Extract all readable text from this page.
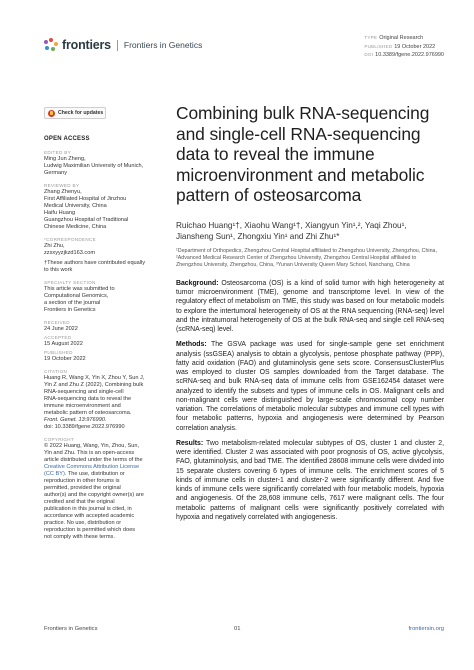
frontiers Frontiers in Genetics
TYPE Original Research
PUBLISHED 19 October 2022
DOI 10.3389/fgene.2022.976990
Check for updates
OPEN ACCESS
EDITED BY
Ming Jun Zheng,
Ludwig Maximilian University of Munich,
Germany
REVIEWED BY
Zhang Zhenyu,
First Affiliated Hospital of Jinzhou
Medical University, China
Haifu Huang
Guangzhou Hospital of Traditional
Chinese Medicine, China
*CORRESPONDENCE
Zhi Zhu,
zzsxyyzjkzd163.com
†These authors have contributed equally
to this work
SPECIALTY SECTION
This article was submitted to
Computational Genomics,
a section of the journal
Frontiers in Genetics
RECEIVED
24 June 2022
ACCEPTED
15 August 2022
PUBLISHED
19 October 2022
CITATION
Huang R, Wang X, Yin X, Zhou Y, Sun J,
Yin Z and Zhu Z (2022), Combining bulk
RNA-sequencing and single-cell
RNA-sequencing data to reveal the
immune microenvironment and
metabolic pattern of osteosarcoma.
Front. Genet. 13:976990.
doi: 10.3389/fgene.2022.976990
COPYRIGHT
© 2022 Huang, Wang, Yin, Zhou, Sun,
Yin and Zhu. This is an open-access
article distributed under the terms of the
Creative Commons Attribution License
(CC BY). The use, distribution or
reproduction in other forums is
permitted, provided the original
author(s) and the copyright owner(s) are
credited and that the original
publication in this journal is cited, in
accordance with accepted academic
practice. No use, distribution or
reproduction is permitted which does
not comply with these terms.
Combining bulk RNA-sequencing and single-cell RNA-sequencing data to reveal the immune microenvironment and metabolic pattern of osteosarcoma
Ruichao Huang¹†, Xiaohu Wang¹†, Xiangyun Yin¹,², Yaqi Zhou¹, Jiansheng Sun¹, Zhongxiu Yin¹ and Zhi Zhu¹*
¹Department of Orthopedics, Zhengzhou Central Hospital affiliated to Zhengzhou University, Zhengzhou, China, ²Advanced Medical Research Center of Zhengzhou University, Zhengzhou Central Hospital affiliated to Zhengzhou University, Zhengzhou, China, ³Yunan University Queen Mary School, Nanchang, China

Background: Osteosarcoma (OS) is a kind of solid tumor with high heterogeneity at tumor microenvironment (TME), genome and transcriptome level. In view of the regulatory effect of metabolism on TME, this study was based on four metabolic models to explore the intertumoral heterogeneity of OS at the RNA sequencing (RNA-seq) level and the intratumoral heterogeneity of OS at the bulk RNA-seq and single cell RNA-seq (scRNA-seq) level.

Methods: The GSVA package was used for single-sample gene set enrichment analysis (ssGSEA) analysis to obtain a glycolysis, pentose phosphate pathway (PPP), fatty acid oxidation (FAO) and glutaminolysis gene sets score. ConsensusClusterPlus was employed to cluster OS samples downloaded from the Target database. The scRNA-seq and bulk RNA-seq data of immune cells from GSE162454 dataset were analyzed to identify the subsets and types of immune cells in OS. Malignant cells and non-malignant cells were distinguished by large-scale chromosomal copy number variation. The correlations of metabolic molecular subtypes and immune cell types with four metabolic patterns, hypoxia and angiogenesis were determined by Pearson correlation analysis.

Results: Two metabolism-related molecular subtypes of OS, cluster 1 and cluster 2, were identified. Cluster 2 was associated with poor prognosis of OS, active glycolysis, FAO, glutaminolysis, and bad TME. The identified 28608 immune cells were divided into 15 separate clusters covering 6 types of immune cells. The enrichment scores of 5 kinds of immune cells in cluster-1 and cluster-2 were significantly different. And five kinds of immune cells were significantly correlated with four metabolic models, hypoxia and angiogenesis. Of the 28,608 immune cells, 7617 were malignant cells. The four metabolic patterns of malignant cells were significantly positively correlated with hypoxia and negatively correlated with angiogenesis.

Frontiers in Genetics	01	frontiersin.org
